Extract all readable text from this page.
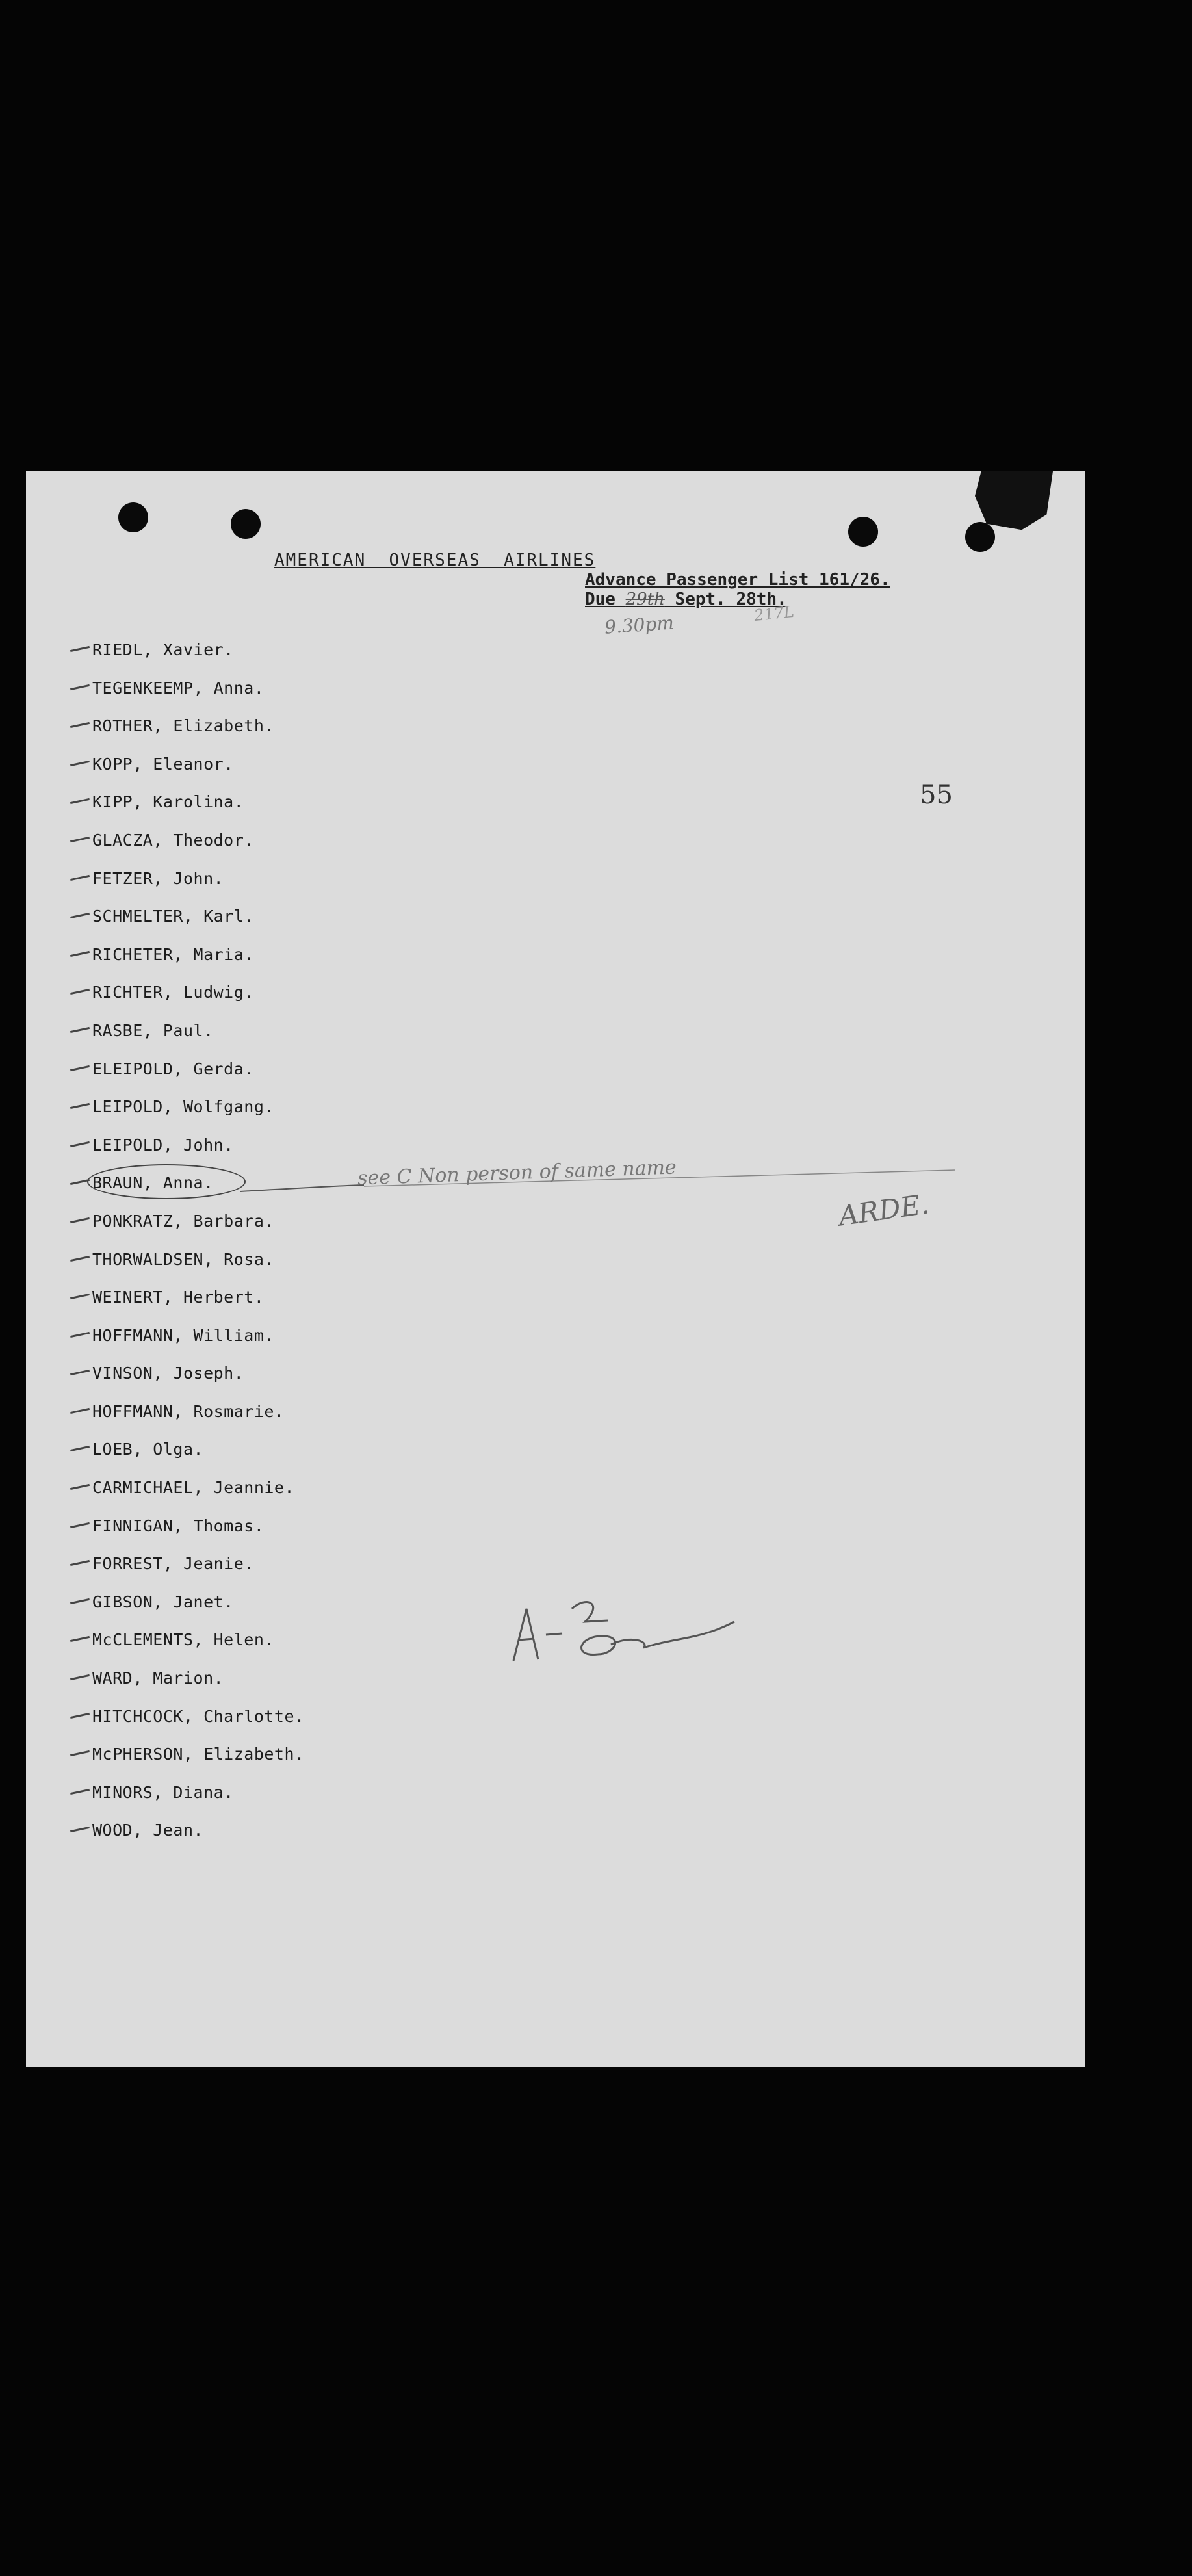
AMERICAN  OVERSEAS  AIRLINES
Advance Passenger List 161/26.
Due 29th Sept. 28th.
9.30pm	217L
55
RIEDL, Xavier.
TEGENKEEMP, Anna.
ROTHER, Elizabeth.
KOPP, Eleanor.
KIPP, Karolina.
GLACZA, Theodor.
FETZER, John.
SCHMELTER, Karl.
RICHETER, Maria.
RICHTER, Ludwig.
RASBE, Paul.
ELEIPOLD, Gerda.
LEIPOLD, Wolfgang.
LEIPOLD, John.
BRAUN, Anna.
PONKRATZ, Barbara.
THORWALDSEN, Rosa.
WEINERT, Herbert.
HOFFMANN, William.
VINSON, Joseph.
HOFFMANN, Rosmarie.
LOEB, Olga.
CARMICHAEL, Jeannie.
FINNIGAN, Thomas.
FORREST, Jeanie.
GIBSON, Janet.
McCLEMENTS, Helen.
WARD, Marion.
HITCHCOCK, Charlotte.
McPHERSON, Elizabeth.
MINORS, Diana.
WOOD, Jean.
see C Non person of same name
ARDE.
